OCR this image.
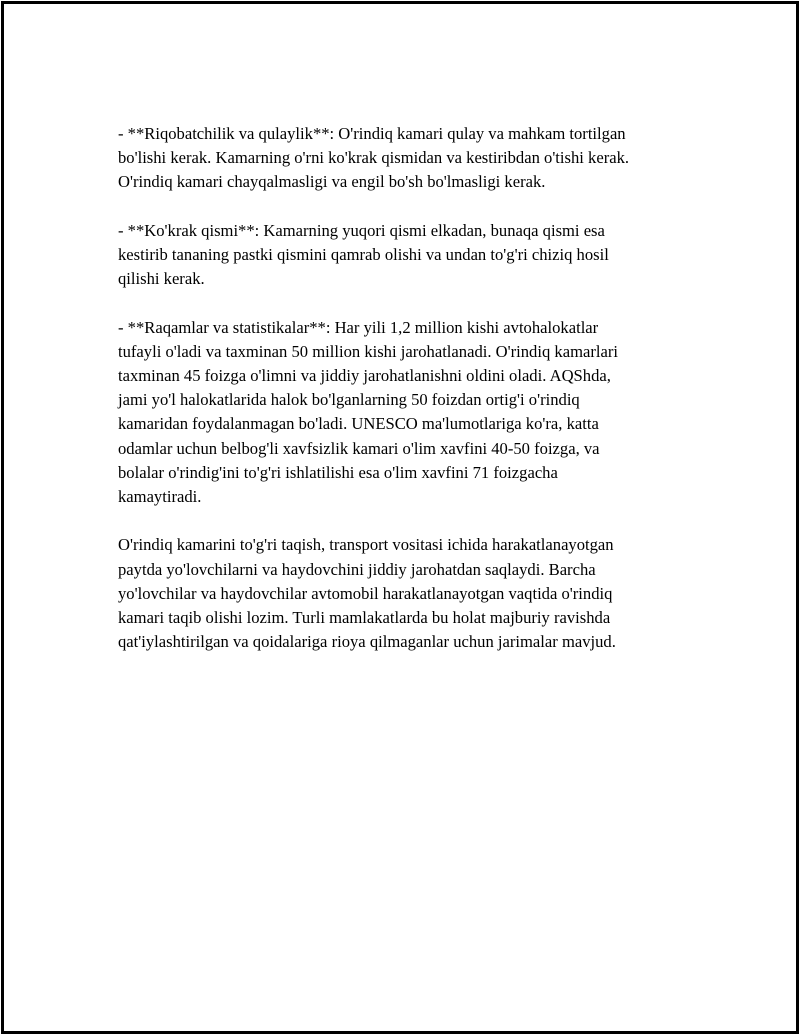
- **Riqobatchilik va qulaylik**: O'rindiq kamari qulay va mahkam tortilgan
bo'lishi kerak. Kamarning o'rni ko'krak qismidan va kestiribdan o'tishi kerak.
O'rindiq kamari chayqalmasligi va engil bo'sh bo'lmasligi kerak.

- **Ko'krak qismi**: Kamarning yuqori qismi elkadan, bunaqa qismi esa
kestirib tananing pastki qismini qamrab olishi va undan to'g'ri chiziq hosil
qilishi kerak.

- **Raqamlar va statistikalar**: Har yili 1,2 million kishi avtohalokatlar
tufayli o'ladi va taxminan 50 million kishi jarohatlanadi. O'rindiq kamarlari
taxminan 45 foizga o'limni va jiddiy jarohatlanishni oldini oladi. AQShda,
jami yo'l halokatlarida halok bo'lganlarning 50 foizdan ortig'i o'rindiq
kamaridan foydalanmagan bo'ladi. UNESCO ma'lumotlariga ko'ra, katta
odamlar uchun belbog'li xavfsizlik kamari o'lim xavfini 40-50 foizga, va
bolalar o'rindig'ini to'g'ri ishlatilishi esa o'lim xavfini 71 foizgacha
kamaytiradi.

O'rindiq kamarini to'g'ri taqish, transport vositasi ichida harakatlanayotgan
paytda yo'lovchilarni va haydovchini jiddiy jarohatdan saqlaydi. Barcha
yo'lovchilar va haydovchilar avtomobil harakatlanayotgan vaqtida o'rindiq
kamari taqib olishi lozim. Turli mamlakatlarda bu holat majburiy ravishda
qat'iylashtirilgan va qoidalariga rioya qilmaganlar uchun jarimalar mavjud.
